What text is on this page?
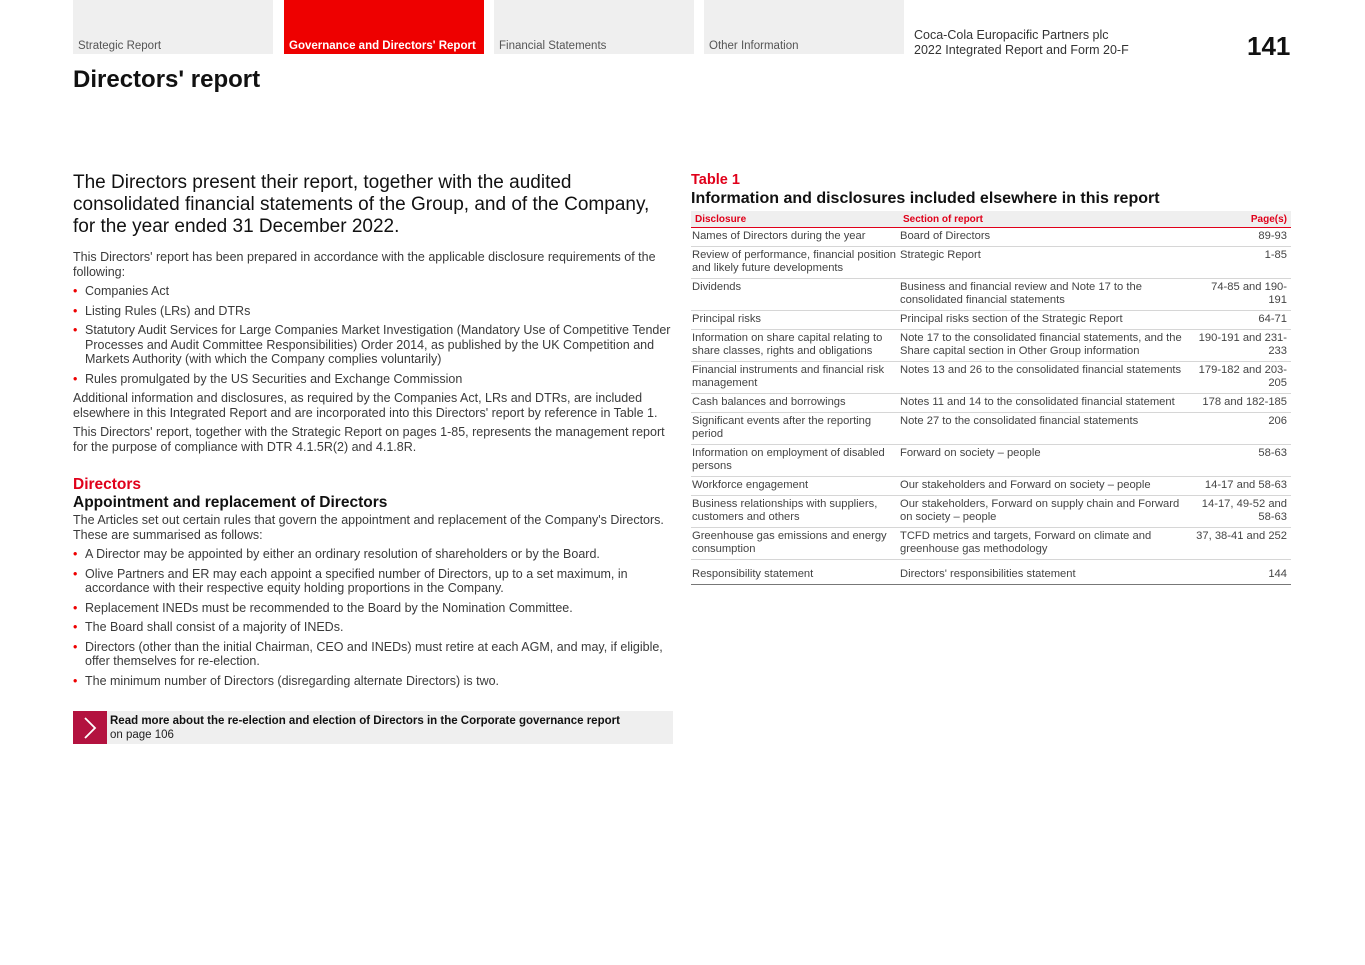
Strategic Report	Governance and Directors' Report Financial Statements	Other Information
Coca-Cola Europacific Partners plc
2022 Integrated Report and Form 20-F	141
Directors' report

The Directors present their report, together with the audited consolidated financial statements of the Group, and of the Company, for the year ended 31 December 2022.

This Directors' report has been prepared in accordance with the applicable disclosure requirements of the following:

• Companies Act
• Listing Rules (LRs) and DTRs
• Statutory Audit Services for Large Companies Market Investigation (Mandatory Use of Competitive Tender Processes and Audit Committee Responsibilities) Order 2014, as published by the UK Competition and Markets Authority (with which the Company complies voluntarily)
• Rules promulgated by the US Securities and Exchange Commission

Additional information and disclosures, as required by the Companies Act, LRs and DTRs, are included elsewhere in this Integrated Report and are incorporated into this Directors' report by reference in Table 1.

This Directors' report, together with the Strategic Report on pages 1-85, represents the management report for the purpose of compliance with DTR 4.1.5R(2) and 4.1.8R.

Directors
Appointment and replacement of Directors

The Articles set out certain rules that govern the appointment and replacement of the Company's Directors. These are summarised as follows:

• A Director may be appointed by either an ordinary resolution of shareholders or by the Board.
• Olive Partners and ER may each appoint a specified number of Directors, up to a set maximum, in accordance with their respective equity holding proportions in the Company.
• Replacement INEDs must be recommended to the Board by the Nomination Committee.
• The Board shall consist of a majority of INEDs.
• Directors (other than the initial Chairman, CEO and INEDs) must retire at each AGM, and may, if eligible, offer themselves for re-election.
• The minimum number of Directors (disregarding alternate Directors) is two.
Read more about the re-election and election of Directors in the Corporate governance report
on page 106
Table 1
Information and disclosures included elsewhere in this report
Disclosure	Section of report	Page(s)
Names of Directors during the year	Board of Directors	89-93
Review of performance, financial position and likely future developments	Strategic Report	1-85
Dividends	Business and financial review and Note 17 to the consolidated financial statements	74-85 and 190-191
Principal risks	Principal risks section of the Strategic Report	64-71
Information on share capital relating to share classes, rights and obligations	Note 17 to the consolidated financial statements, and the Share capital section in Other Group information	190-191 and 231-233
Financial instruments and financial risk management	Notes 13 and 26 to the consolidated financial statements	179-182 and 203-205
Cash balances and borrowings	Notes 11 and 14 to the consolidated financial statement	178 and 182-185
Significant events after the reporting period	Note 27 to the consolidated financial statements	206
Information on employment of disabled persons	Forward on society – people	58-63
Workforce engagement	Our stakeholders and Forward on society – people	14-17 and 58-63
Business relationships with suppliers, customers and others	Our stakeholders, Forward on supply chain and Forward on society – people	14-17, 49-52 and 58-63
Greenhouse gas emissions and energy consumption	TCFD metrics and targets, Forward on climate and greenhouse gas methodology	37, 38-41 and 252
Responsibility statement	Directors' responsibilities statement	144
